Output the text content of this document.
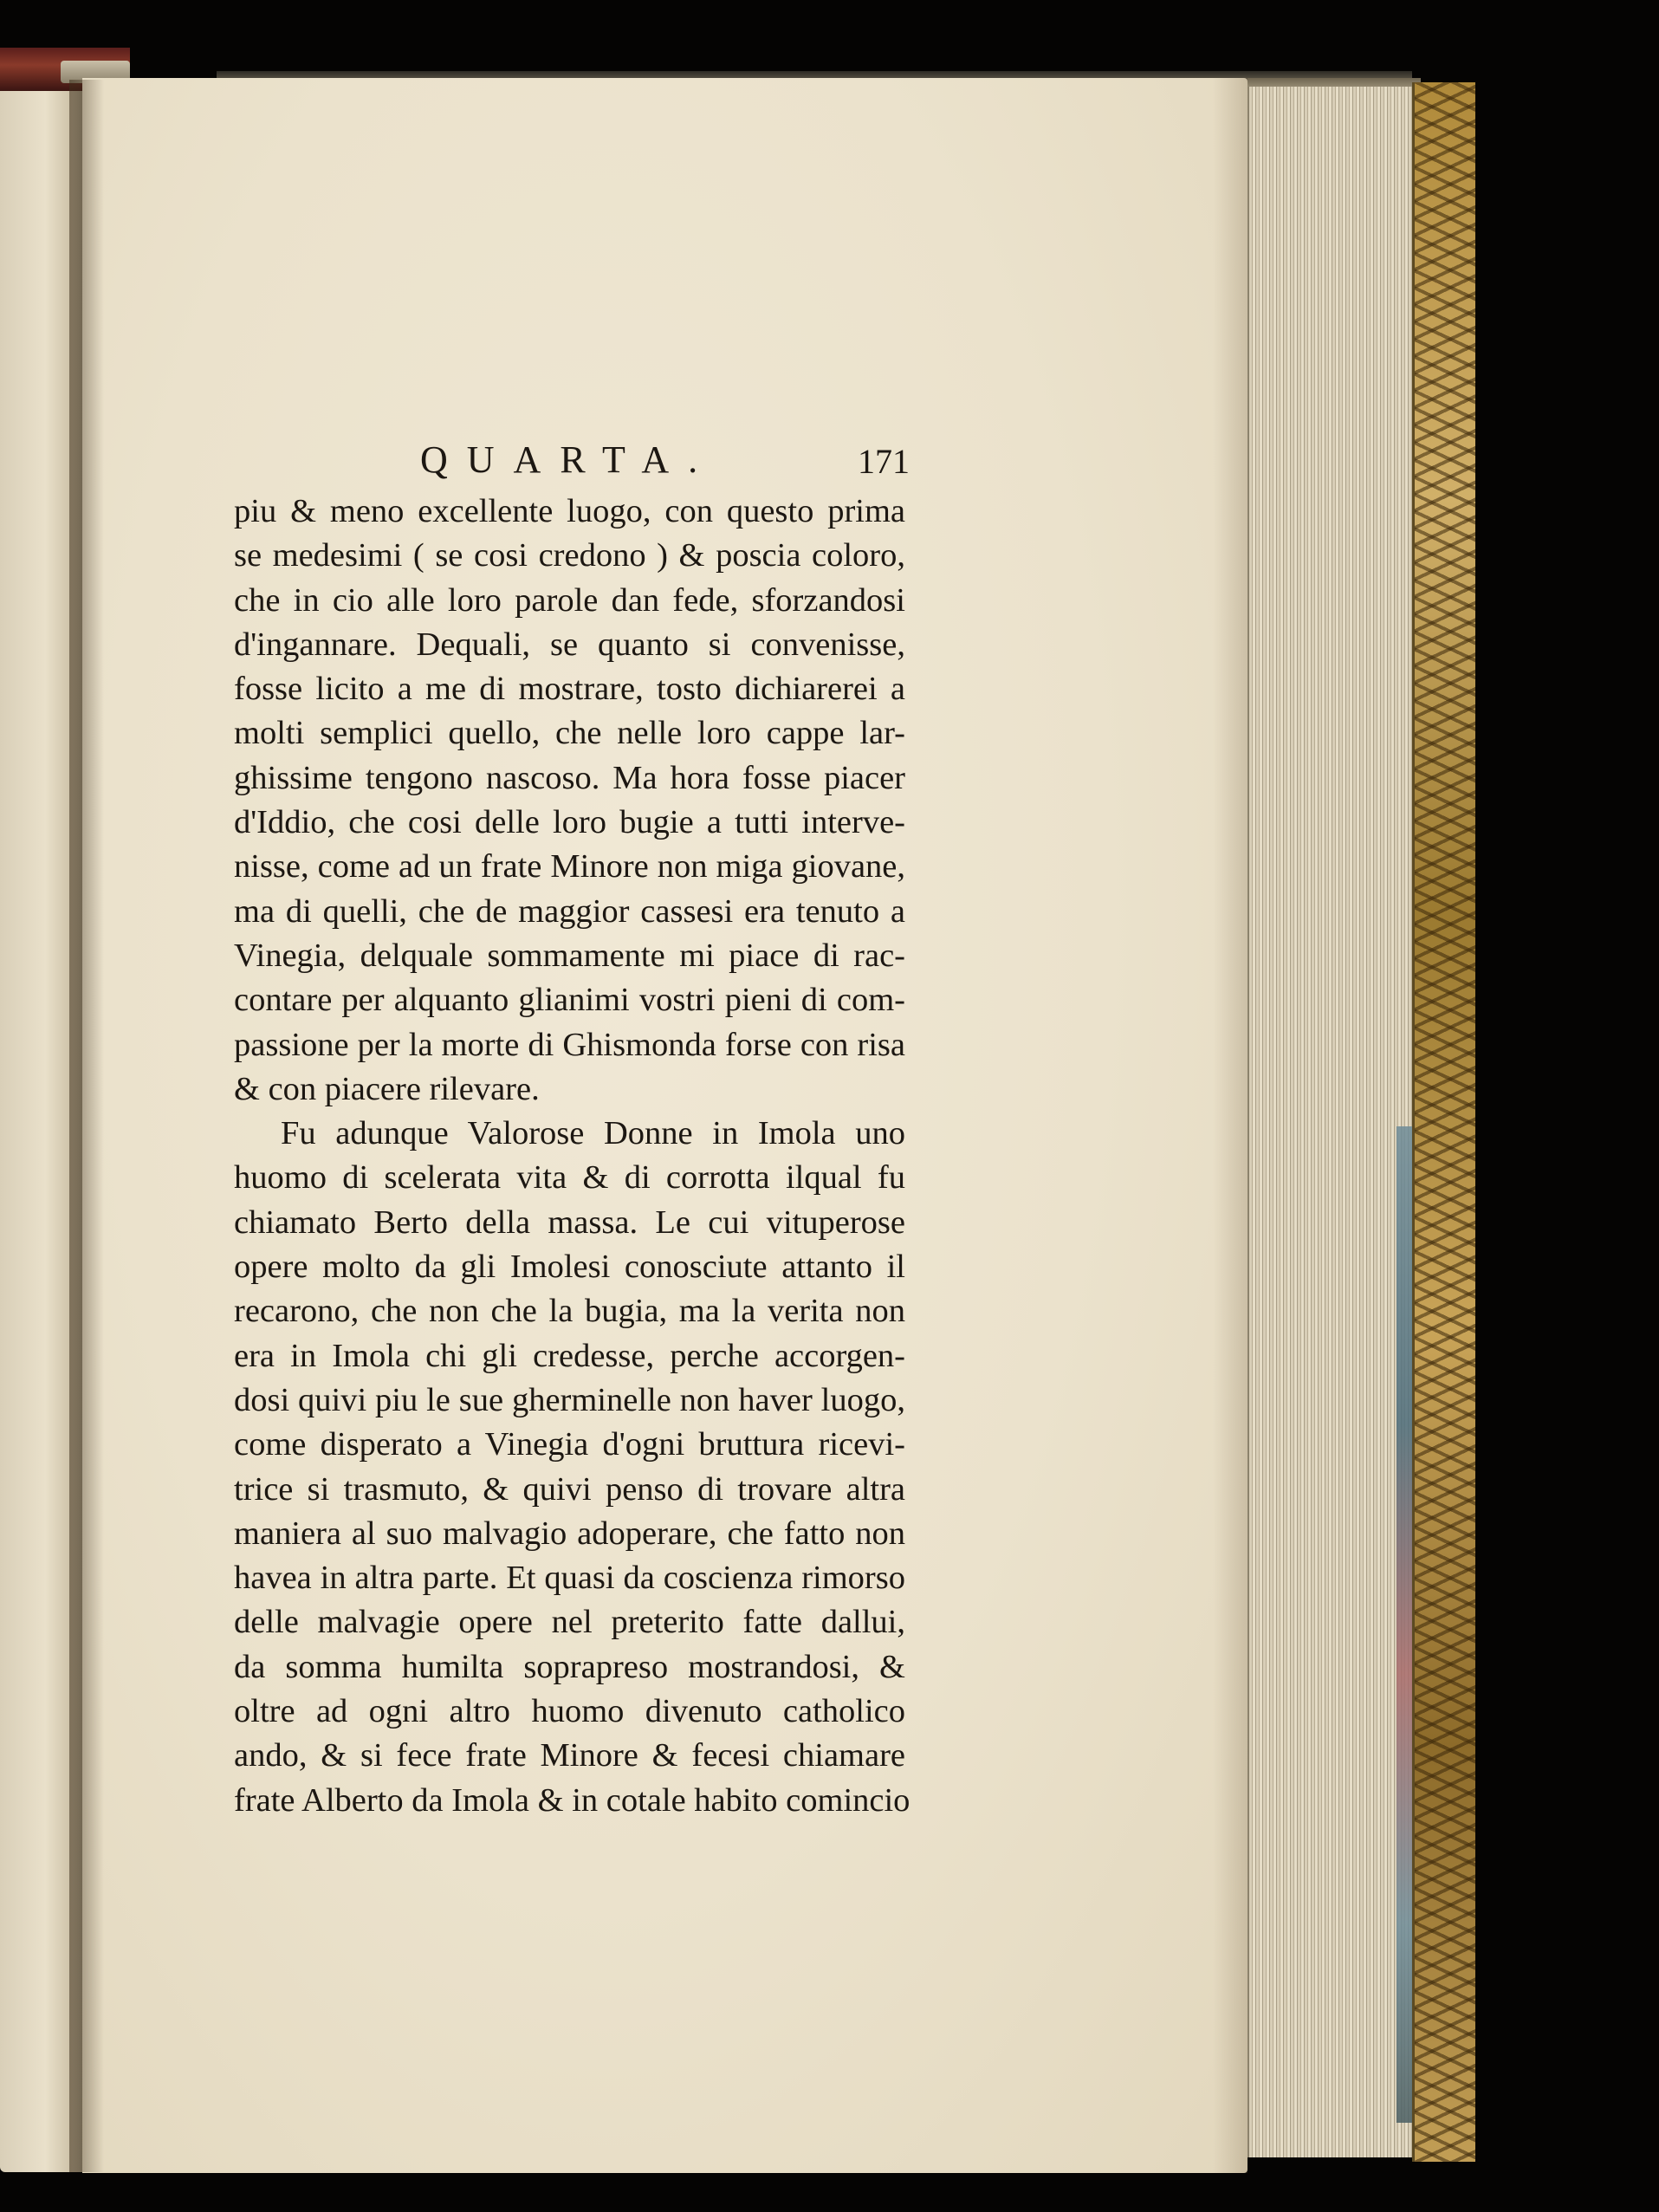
QUARTA.	171
piu & meno excellente luogo, con questo prima
se medesimi ( se cosi credono ) & poscia coloro,
che in cio alle loro parole dan fede, sforzandosi
d'ingannare. Dequali, se quanto si convenisse,
fosse licito a me di mostrare, tosto dichiarerei a
molti semplici quello, che nelle loro cappe lar-
ghissime tengono nascoso. Ma hora fosse piacer
d'Iddio, che cosi delle loro bugie a tutti interve-
nisse, come ad un frate Minore non miga giovane,
ma di quelli, che de maggior cassesi era tenuto a
Vinegia, delquale sommamente mi piace di rac-
contare per alquanto glianimi vostri pieni di com-
passione per la morte di Ghismonda forse con risa
& con piacere rilevare.
Fu adunque Valorose Donne in Imola uno
huomo di scelerata vita & di corrotta ilqual fu
chiamato Berto della massa. Le cui vituperose
opere molto da gli Imolesi conosciute attanto il
recarono, che non che la bugia, ma la verita non
era in Imola chi gli credesse, perche accorgen-
dosi quivi piu le sue gherminelle non haver luogo,
come disperato a Vinegia d'ogni bruttura ricevi-
trice si trasmuto, & quivi penso di trovare altra
maniera al suo malvagio adoperare, che fatto non
havea in altra parte. Et quasi da coscienza rimorso
delle malvagie opere nel preterito fatte dallui,
da somma humilta soprapreso mostrandosi, &
oltre ad ogni altro huomo divenuto catholico
ando, & si fece frate Minore & fecesi chiamare
frate Alberto da Imola & in cotale habito comincio
